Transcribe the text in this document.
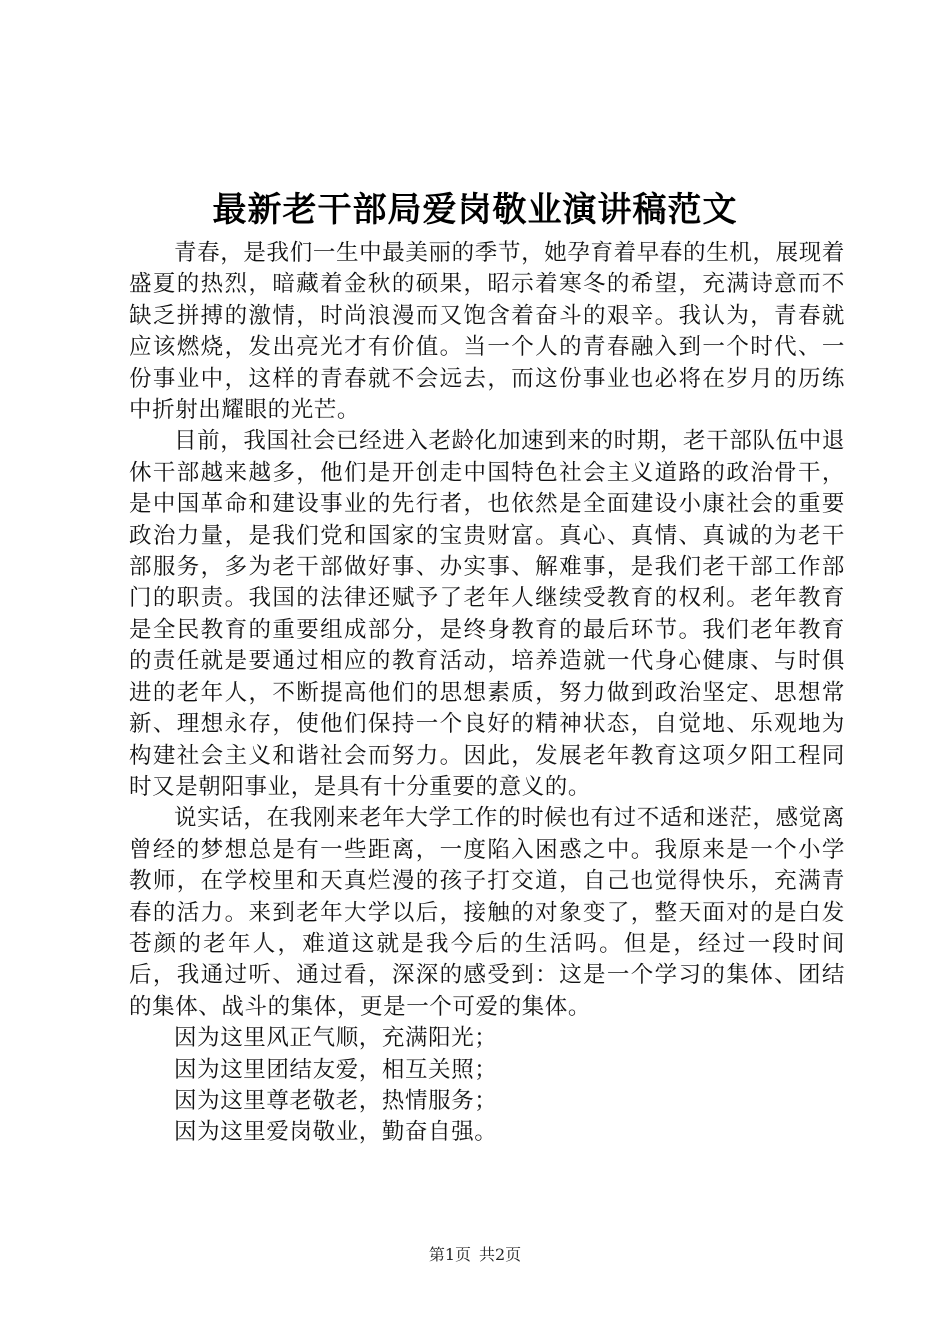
最新老干部局爱岗敬业演讲稿范文

青春，是我们一生中最美丽的季节，她孕育着早春的生机，展现着盛夏的热烈，暗藏着金秋的硕果，昭示着寒冬的希望，充满诗意而不缺乏拼搏的激情，时尚浪漫而又饱含着奋斗的艰辛。我认为，青春就应该燃烧，发出亮光才有价值。当一个人的青春融入到一个时代、一份事业中，这样的青春就不会远去，而这份事业也必将在岁月的历练中折射出耀眼的光芒。

目前，我国社会已经进入老龄化加速到来的时期，老干部队伍中退休干部越来越多，他们是开创走中国特色社会主义道路的政治骨干，是中国革命和建设事业的先行者，也依然是全面建设小康社会的重要政治力量，是我们党和国家的宝贵财富。真心、真情、真诚的为老干部服务，多为老干部做好事、办实事、解难事，是我们老干部工作部门的职责。我国的法律还赋予了老年人继续受教育的权利。老年教育是全民教育的重要组成部分，是终身教育的最后环节。我们老年教育的责任就是要通过相应的教育活动，培养造就一代身心健康、与时俱进的老年人，不断提高他们的思想素质，努力做到政治坚定、思想常新、理想永存，使他们保持一个良好的精神状态，自觉地、乐观地为构建社会主义和谐社会而努力。因此，发展老年教育这项夕阳工程同时又是朝阳事业，是具有十分重要的意义的。

说实话，在我刚来老年大学工作的时候也有过不适和迷茫，感觉离曾经的梦想总是有一些距离，一度陷入困惑之中。我原来是一个小学教师，在学校里和天真烂漫的孩子打交道，自己也觉得快乐，充满青春的活力。来到老年大学以后，接触的对象变了，整天面对的是白发苍颜的老年人，难道这就是我今后的生活吗。但是，经过一段时间后，我通过听、通过看，深深的感受到：这是一个学习的集体、团结的集体、战斗的集体，更是一个可爱的集体。

因为这里风正气顺，充满阳光；

因为这里团结友爱，相互关照；

因为这里尊老敬老，热情服务；

因为这里爱岗敬业，勤奋自强。

第1页 共2页
